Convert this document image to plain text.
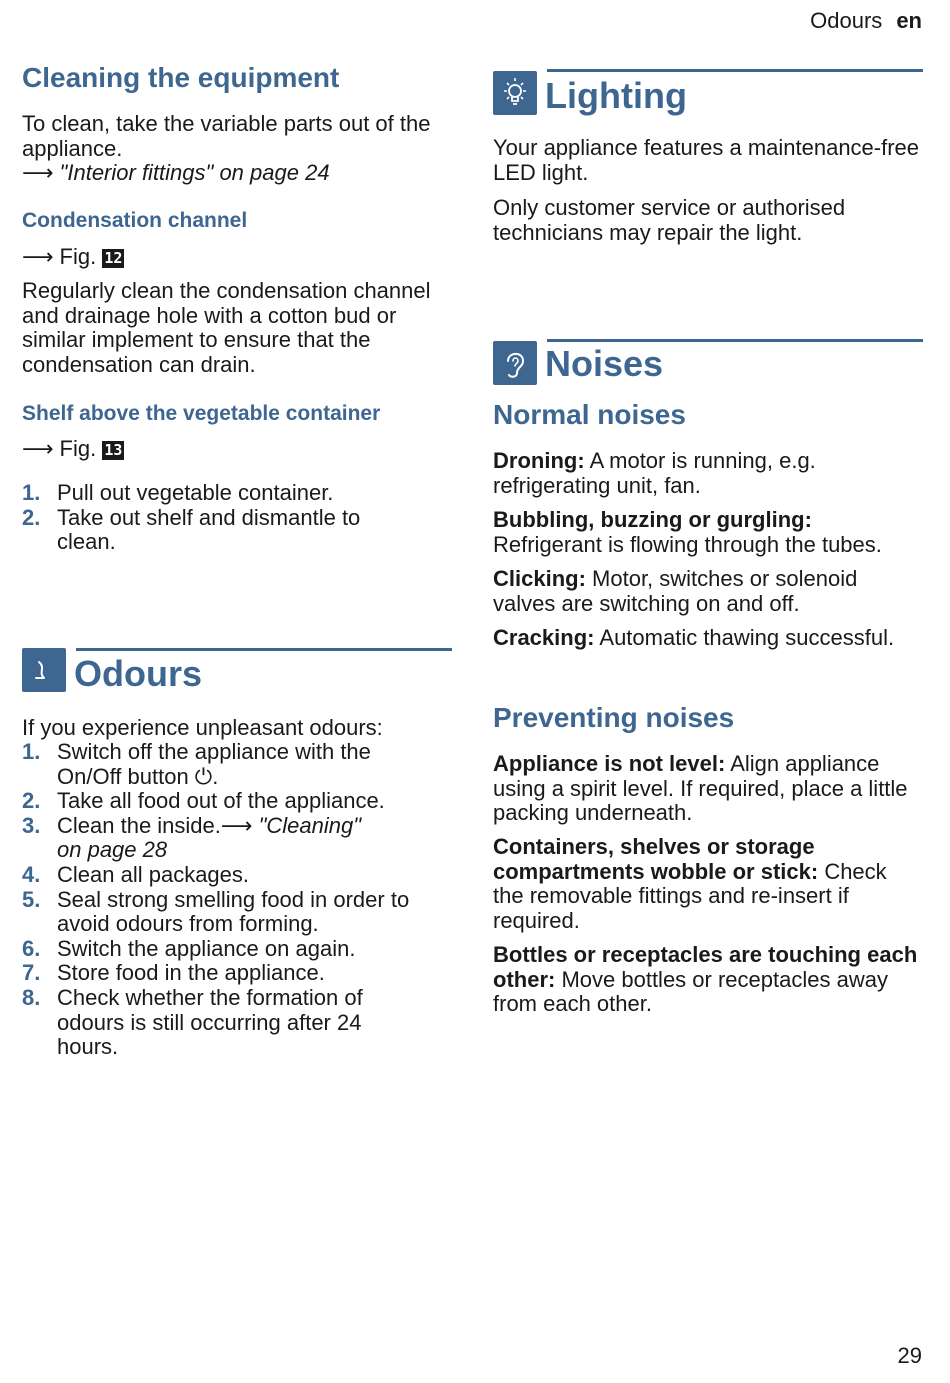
Odours en
Cleaning the equipment

To clean, take the variable parts out of the appliance.

⟶ "Interior fittings" on page 24

Condensation channel

⟶ Fig. 12

Regularly clean the condensation channel and drainage hole with a cotton bud or similar implement to ensure that the condensation can drain.

Shelf above the vegetable container

⟶ Fig. 13

1. Pull out vegetable container.
2. Take out shelf and dismantle to clean.
Odours

If you experience unpleasant odours:

1. Switch off the appliance with the On/Off button ⏻.
2. Take all food out of the appliance.
3. Clean the inside.⟶ "Cleaning" on page 28
4. Clean all packages.
5. Seal strong smelling food in order to avoid odours from forming.
6. Switch the appliance on again.
7. Store food in the appliance.
8. Check whether the formation of odours is still occurring after 24 hours.
Lighting

Your appliance features a maintenance-free LED light.

Only customer service or authorised technicians may repair the light.

Noises
Normal noises

Droning: A motor is running, e.g. refrigerating unit, fan.

Bubbling, buzzing or gurgling: Refrigerant is flowing through the tubes.

Clicking: Motor, switches or solenoid valves are switching on and off.

Cracking: Automatic thawing successful.

Preventing noises

Appliance is not level: Align appliance using a spirit level. If required, place a little packing underneath.

Containers, shelves or storage compartments wobble or stick: Check the removable fittings and re-insert if required.

Bottles or receptacles are touching each other: Move bottles or receptacles away from each other.

29
